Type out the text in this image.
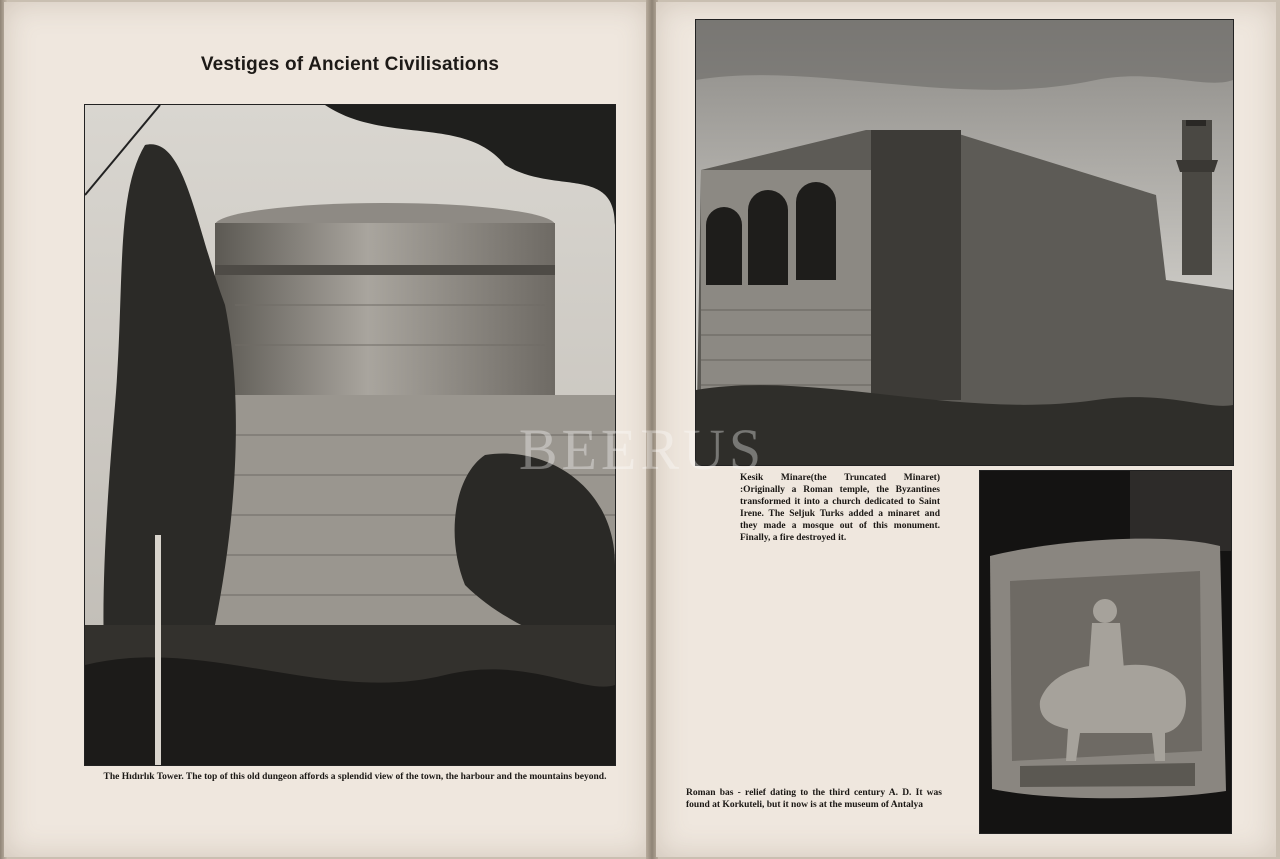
Vestiges of Ancient Civilisations
The Hıdırlık Tower. The top of this old dungeon affords a splendid view of the town, the harbour and the mountains beyond.
Kesik Minare(the Truncated Minaret) :Originally a Roman temple, the Byzantines transformed it into a church dedicated to Saint Irene. The Seljuk Turks added a minaret and they made a mosque out of this monument. Finally, a fire destroyed it.
Roman bas - relief dating to the third century A. D. It was found at Korkuteli, but it now is at the museum of Antalya
BEERUS
